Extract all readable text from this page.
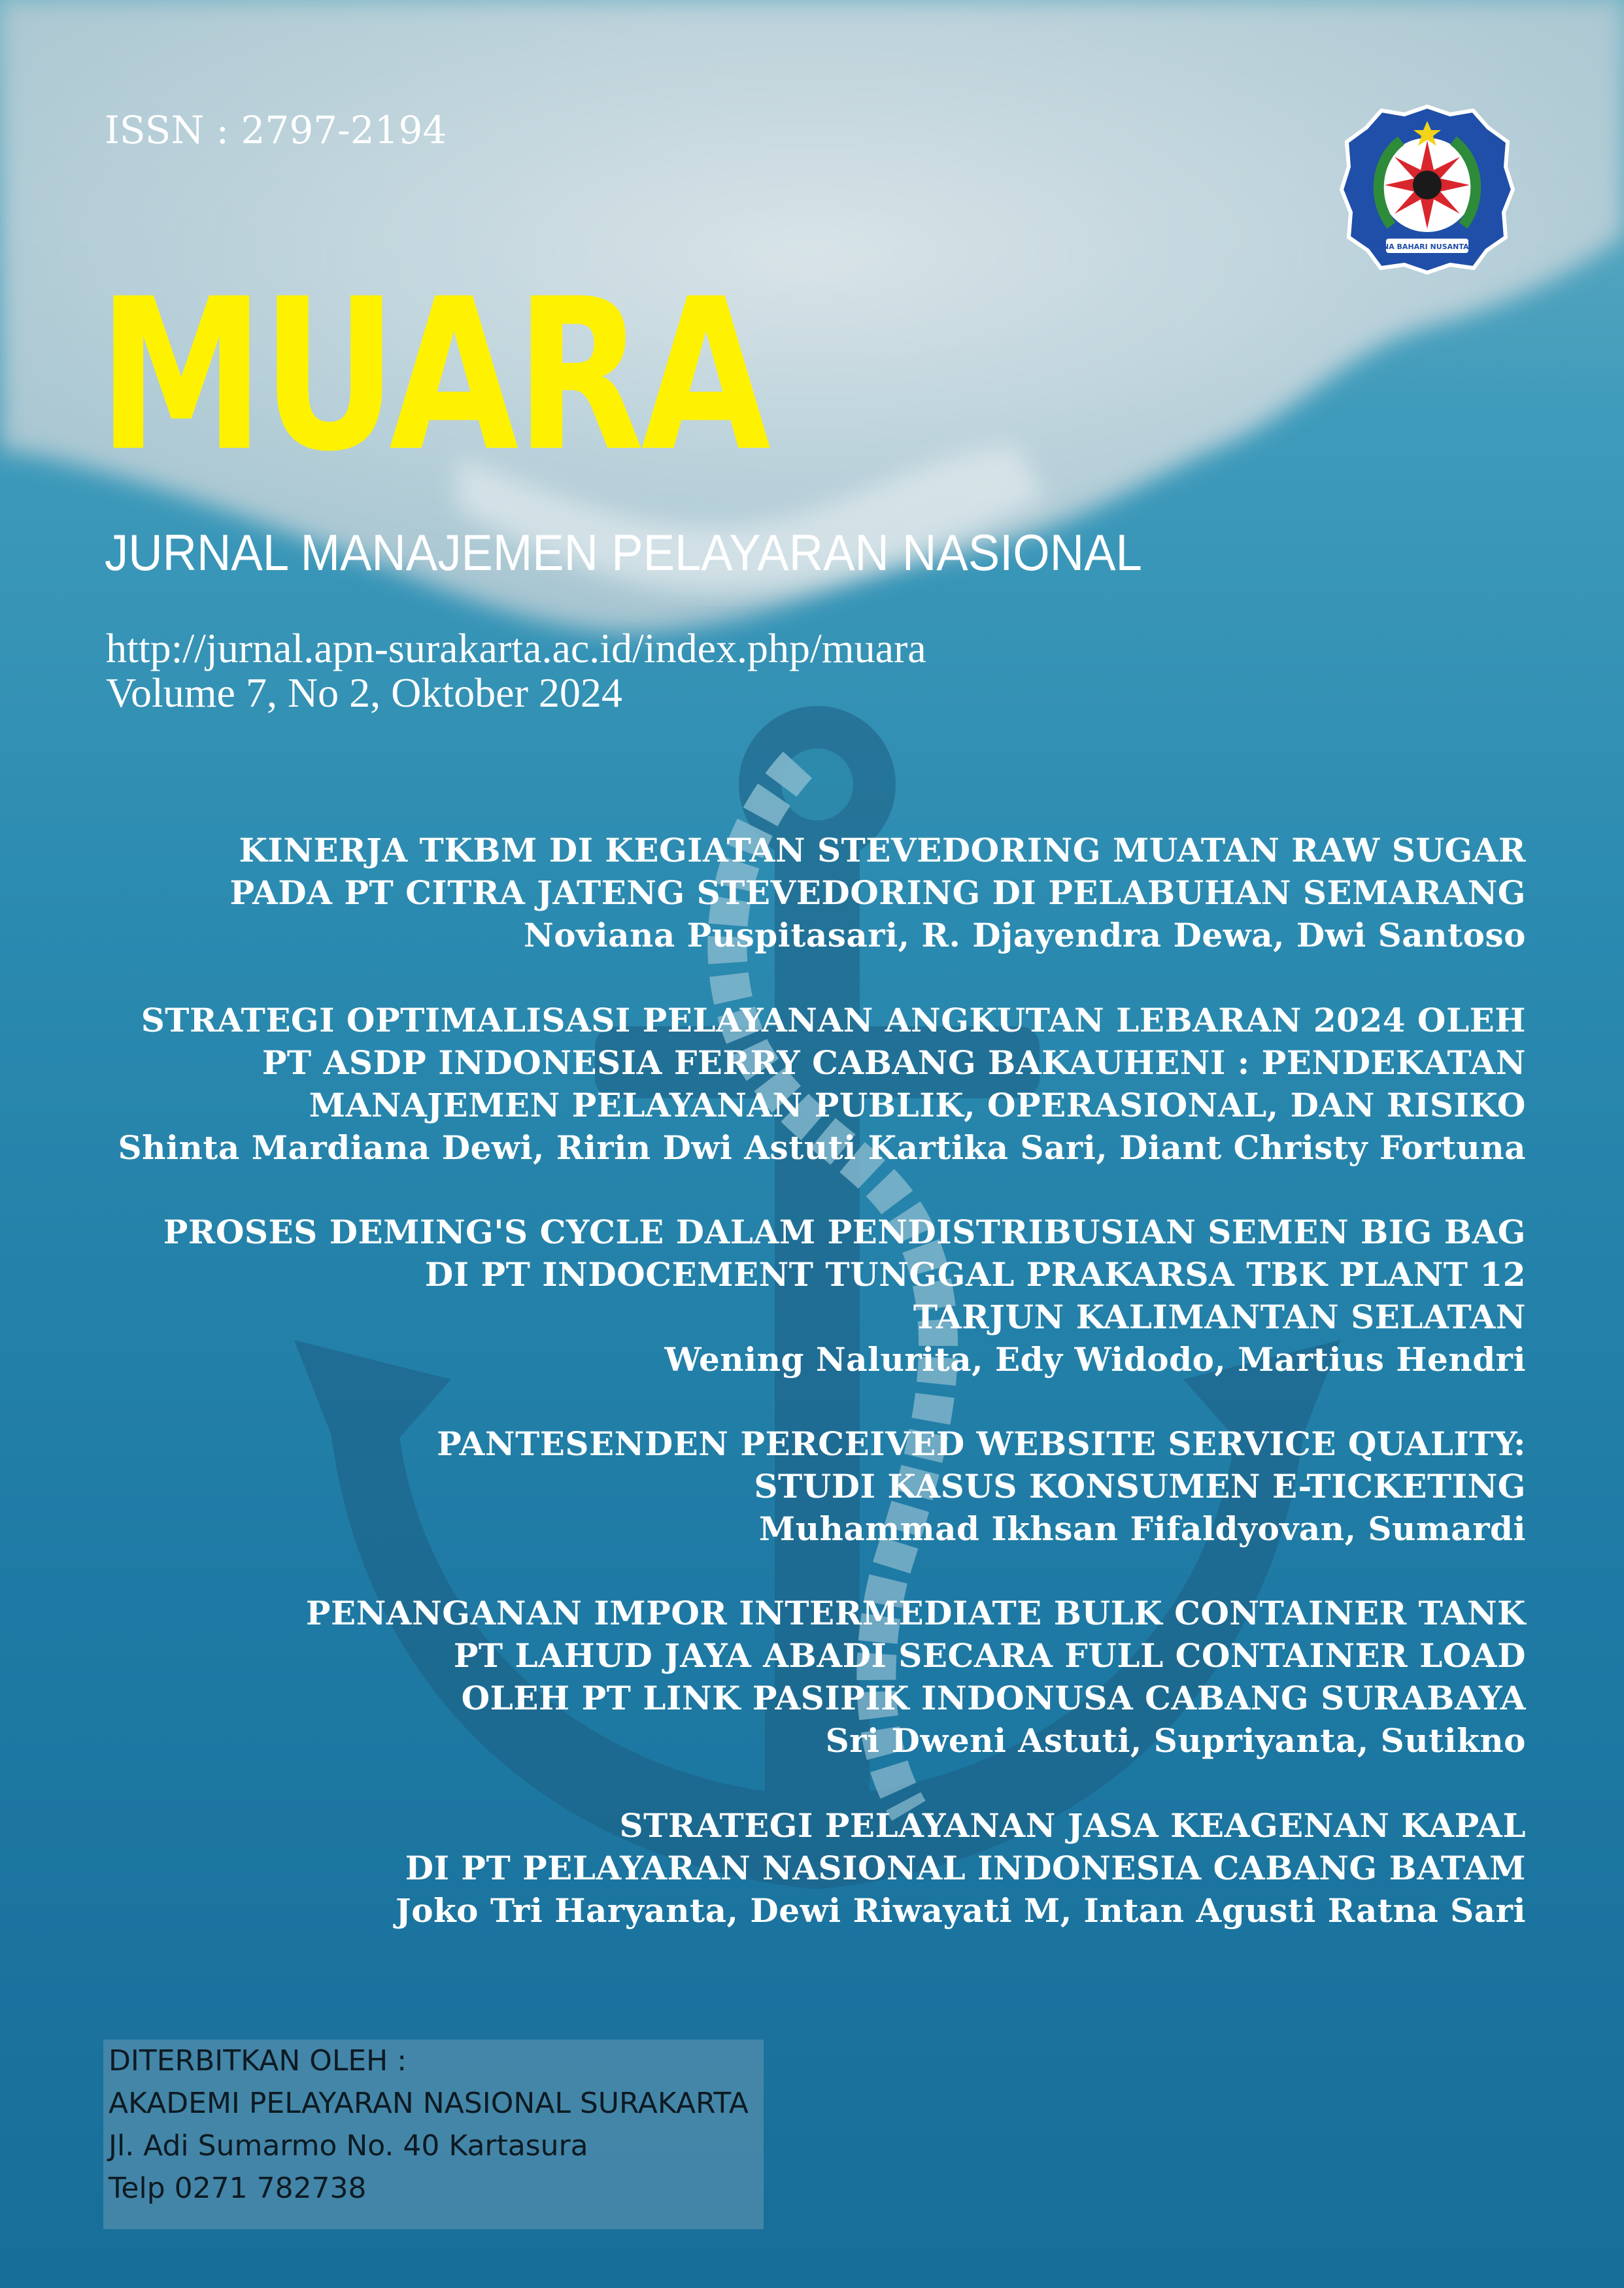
ISSN : 2797-2194
BINA BAHARI NUSANTARA
MUARA
JURNAL MANAJEMEN PELAYARAN NASIONAL
http://jurnal.apn-surakarta.ac.id/index.php/muara
Volume 7, No 2, Oktober 2024
KINERJA TKBM DI KEGIATAN STEVEDORING MUATAN RAW SUGAR
PADA PT CITRA JATENG STEVEDORING DI PELABUHAN SEMARANG
Noviana Puspitasari, R. Djayendra Dewa, Dwi Santoso
STRATEGI OPTIMALISASI PELAYANAN ANGKUTAN LEBARAN 2024 OLEH
PT ASDP INDONESIA FERRY CABANG BAKAUHENI : PENDEKATAN
MANAJEMEN PELAYANAN PUBLIK, OPERASIONAL, DAN RISIKO
Shinta Mardiana Dewi, Ririn Dwi Astuti Kartika Sari, Diant Christy Fortuna
PROSES DEMING'S CYCLE DALAM PENDISTRIBUSIAN SEMEN BIG BAG
DI PT INDOCEMENT TUNGGAL PRAKARSA TBK PLANT 12
TARJUN KALIMANTAN SELATAN
Wening Nalurita, Edy Widodo, Martius Hendri
PANTESENDEN PERCEIVED WEBSITE SERVICE QUALITY:
STUDI KASUS KONSUMEN E-TICKETING
Muhammad Ikhsan Fifaldyovan, Sumardi
PENANGANAN IMPOR INTERMEDIATE BULK CONTAINER TANK
PT LAHUD JAYA ABADI SECARA FULL CONTAINER LOAD
OLEH PT LINK PASIPIK INDONUSA CABANG SURABAYA
Sri Dweni Astuti, Supriyanta, Sutikno
STRATEGI PELAYANAN JASA KEAGENAN KAPAL
DI PT PELAYARAN NASIONAL INDONESIA CABANG BATAM
Joko Tri Haryanta, Dewi Riwayati M, Intan Agusti Ratna Sari
DITERBITKAN OLEH :
AKADEMI PELAYARAN NASIONAL SURAKARTA
Jl. Adi Sumarmo No. 40 Kartasura
Telp 0271 782738
